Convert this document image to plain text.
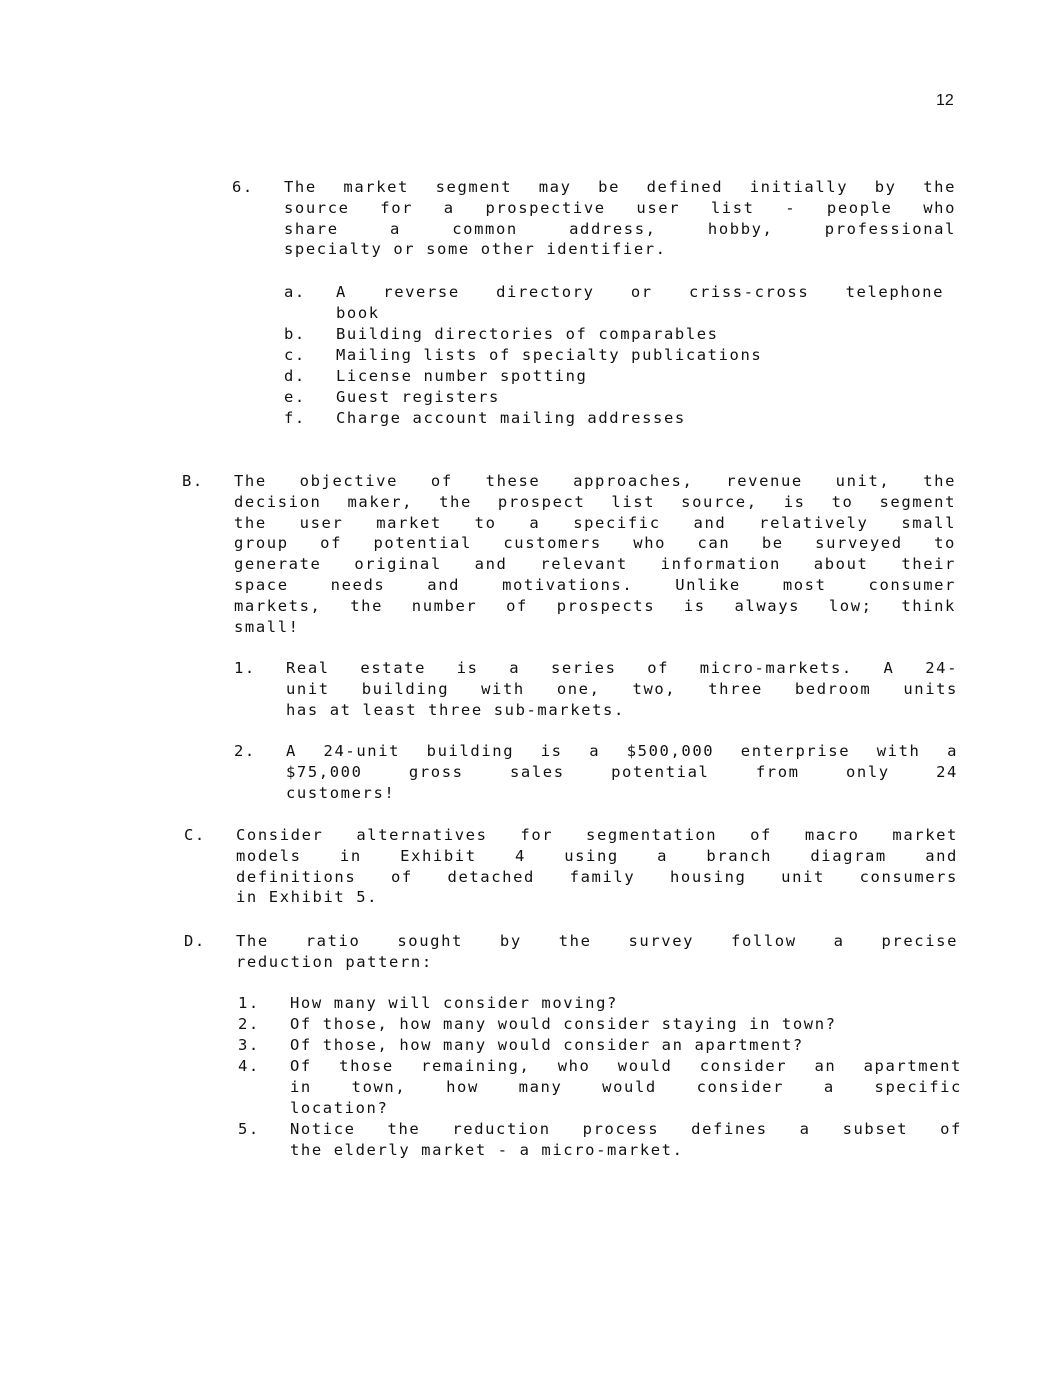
12
6. The market segment may be defined initially by the
source for a prospective user list - people who
share a common address, hobby, professional
specialty or some other identifier.
a. A reverse directory or criss-cross telephone
book
b. Building directories of comparables
c. Mailing lists of specialty publications
d. License number spotting
e. Guest registers
f. Charge account mailing addresses
B. The objective of these approaches, revenue unit, the
decision maker, the prospect list source, is to segment
the user market to a specific and relatively small
group of potential customers who can be surveyed to
generate original and relevant information about their
space needs and motivations. Unlike most consumer
markets, the number of prospects is always low; think
small!
1. Real estate is a series of micro-markets. A 24-
unit building with one, two, three bedroom units
has at least three sub-markets.
2. A 24-unit building is a $500,000 enterprise with a
$75,000 gross sales potential from only 24
customers!
C. Consider alternatives for segmentation of macro market
models in Exhibit 4 using a branch diagram and
definitions of detached family housing unit consumers
in Exhibit 5.
D. The ratio sought by the survey follow a precise
reduction pattern:
1. How many will consider moving?
2. Of those, how many would consider staying in town?
3. Of those, how many would consider an apartment?
4. Of those remaining, who would consider an apartment
in town, how many would consider a specific
location?
5. Notice the reduction process defines a subset of
the elderly market - a micro-market.
